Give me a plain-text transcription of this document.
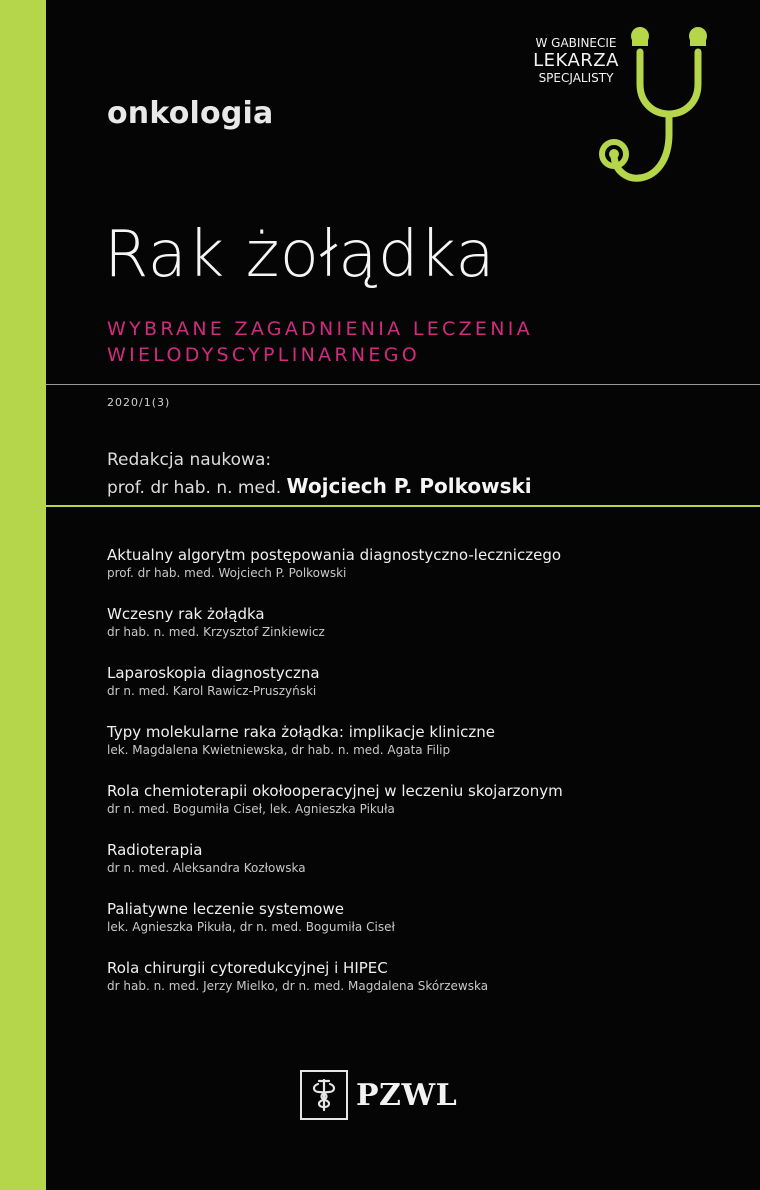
onkologia
W GABINECIE
LEKARZA
SPECJALISTY
Rak żołądka
WYBRANE ZAGADNIENIA LECZENIA
WIELODYSCYPLINARNEGO
2020/1(3)
Redakcja naukowa:
prof. dr hab. n. med. Wojciech P. Polkowski
Aktualny algorytm postępowania diagnostyczno-leczniczego
prof. dr hab. med. Wojciech P. Polkowski
Wczesny rak żołądka
dr hab. n. med. Krzysztof Zinkiewicz
Laparoskopia diagnostyczna
dr n. med. Karol Rawicz-Pruszyński
Typy molekularne raka żołądka: implikacje kliniczne
lek. Magdalena Kwietniewska, dr hab. n. med. Agata Filip
Rola chemioterapii okołooperacyjnej w leczeniu skojarzonym
dr n. med. Bogumiła Ciseł, lek. Agnieszka Pikuła
Radioterapia
dr n. med. Aleksandra Kozłowska
Paliatywne leczenie systemowe
lek. Agnieszka Pikuła, dr n. med. Bogumiła Ciseł
Rola chirurgii cytoredukcyjnej i HIPEC
dr hab. n. med. Jerzy Mielko, dr n. med. Magdalena Skórzewska
PZWL
